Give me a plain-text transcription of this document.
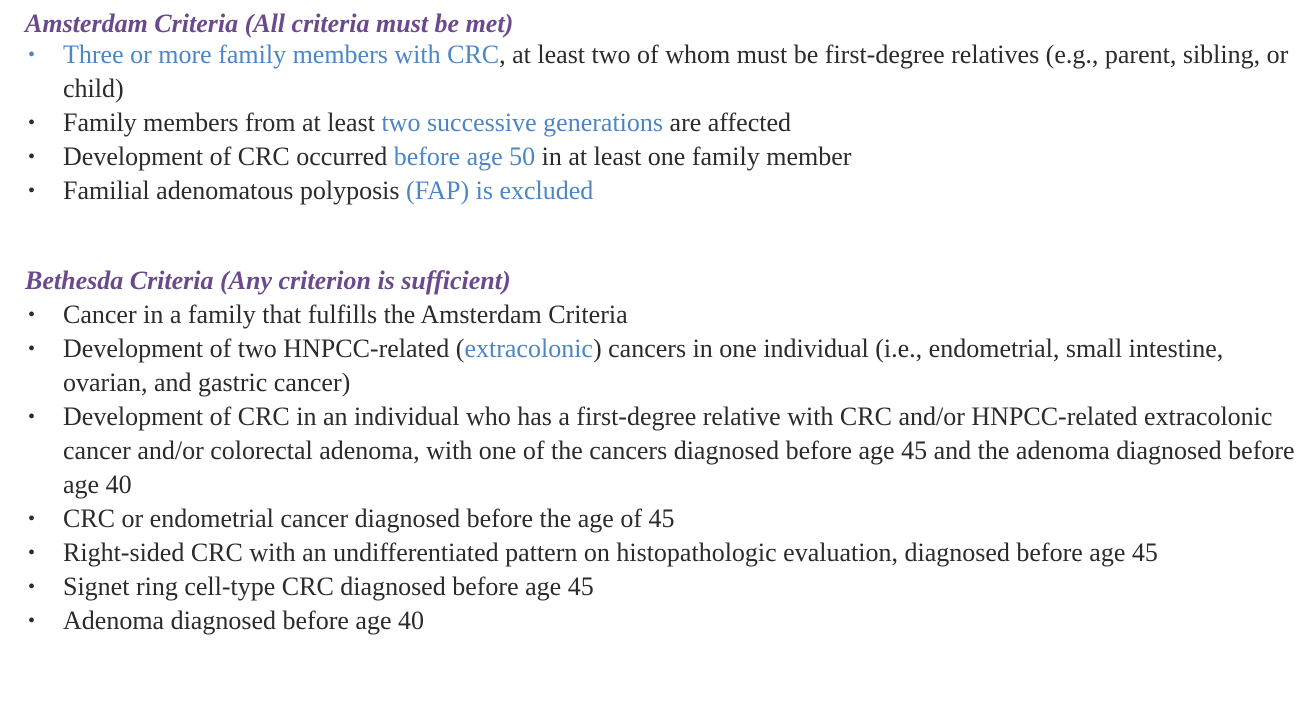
Amsterdam Criteria (All criteria must be met)
•	Three or more family members with CRC, at least two of whom must be first-degree relatives (e.g., parent, sibling, or child)
•	Family members from at least two successive generations are affected
•	Development of CRC occurred before age 50 in at least one family member
•	Familial adenomatous polyposis (FAP) is excluded
Bethesda Criteria (Any criterion is sufficient)
•	Cancer in a family that fulfills the Amsterdam Criteria
•	Development of two HNPCC-related (extracolonic) cancers in one individual (i.e., endometrial, small intestine, ovarian, and gastric cancer)
•	Development of CRC in an individual who has a first-degree relative with CRC and/or HNPCC-related extracolonic cancer and/or colorectal adenoma, with one of the cancers diagnosed before age 45 and the adenoma diagnosed before age 40
•	CRC or endometrial cancer diagnosed before the age of 45
•	Right-sided CRC with an undifferentiated pattern on histopathologic evaluation, diagnosed before age 45
•	Signet ring cell-type CRC diagnosed before age 45
•	Adenoma diagnosed before age 40
